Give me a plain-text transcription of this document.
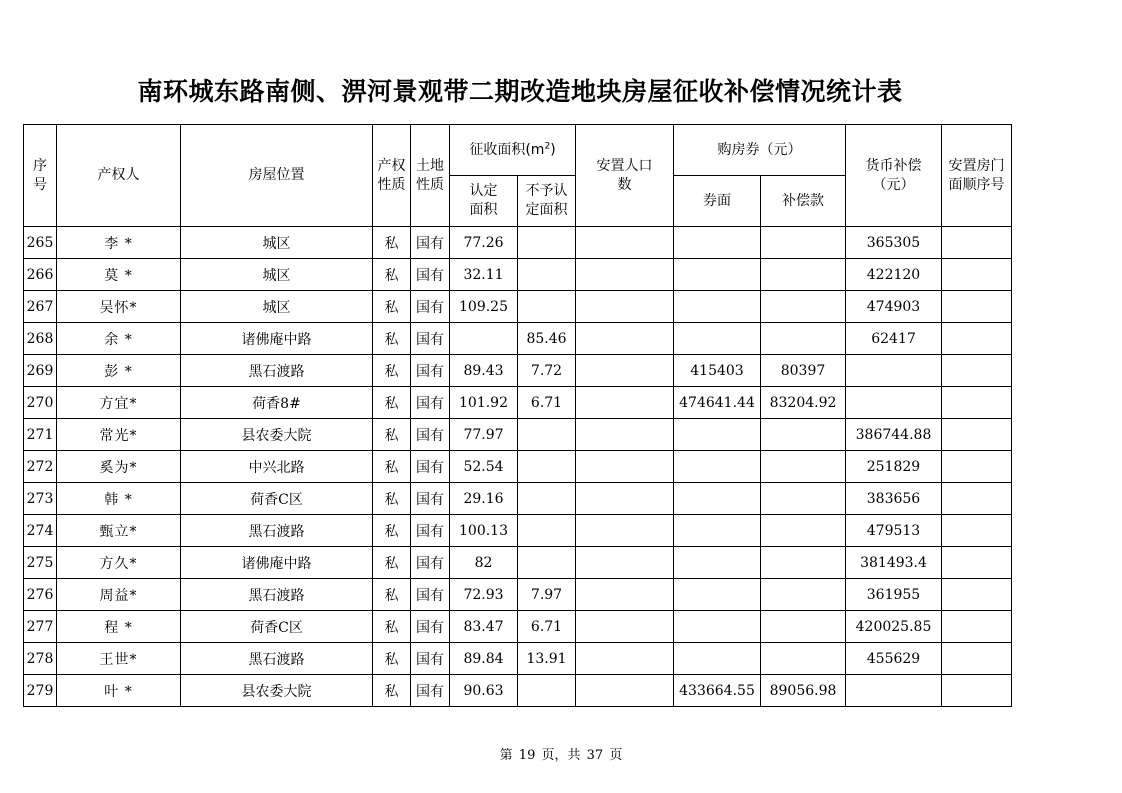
南环城东路南侧、淠河景观带二期改造地块房屋征收补偿情况统计表
序号	产权人	房屋位置	产权性质	土地性质	征收面积$(m^2)$		安置人口数	购房券（元）		货币补偿（元）	安置房门面顺序号
					认定面积	不予认定面积		券面	补偿款		
265	李 *	城区	私	国有	77.26					365305	
266	莫 *	城区	私	国有	32.11					422120	
267	吴怀*	城区	私	国有	109.25					474903	
268	余 *	诸佛庵中路	私	国有		85.46				62417	
269	彭 *	黑石渡路	私	国有	89.43	7.72		415403	80397		
270	方宜*	荷香8#	私	国有	101.92	6.71		474641.44	83204.92		
271	常光*	县农委大院	私	国有	77.97					386744.88	
272	奚为*	中兴北路	私	国有	52.54					251829	
273	韩 *	荷香C区	私	国有	29.16					383656	
274	甄立*	黑石渡路	私	国有	100.13					479513	
275	方久*	诸佛庵中路	私	国有	82					381493.4	
276	周益*	黑石渡路	私	国有	72.93	7.97				361955	
277	程 *	荷香C区	私	国有	83.47	6.71				420025.85	
278	王世*	黑石渡路	私	国有	89.84	13.91				455629	
279	叶 *	县农委大院	私	国有	90.63			433664.55	89056.98		
第 19 页，共 37 页
